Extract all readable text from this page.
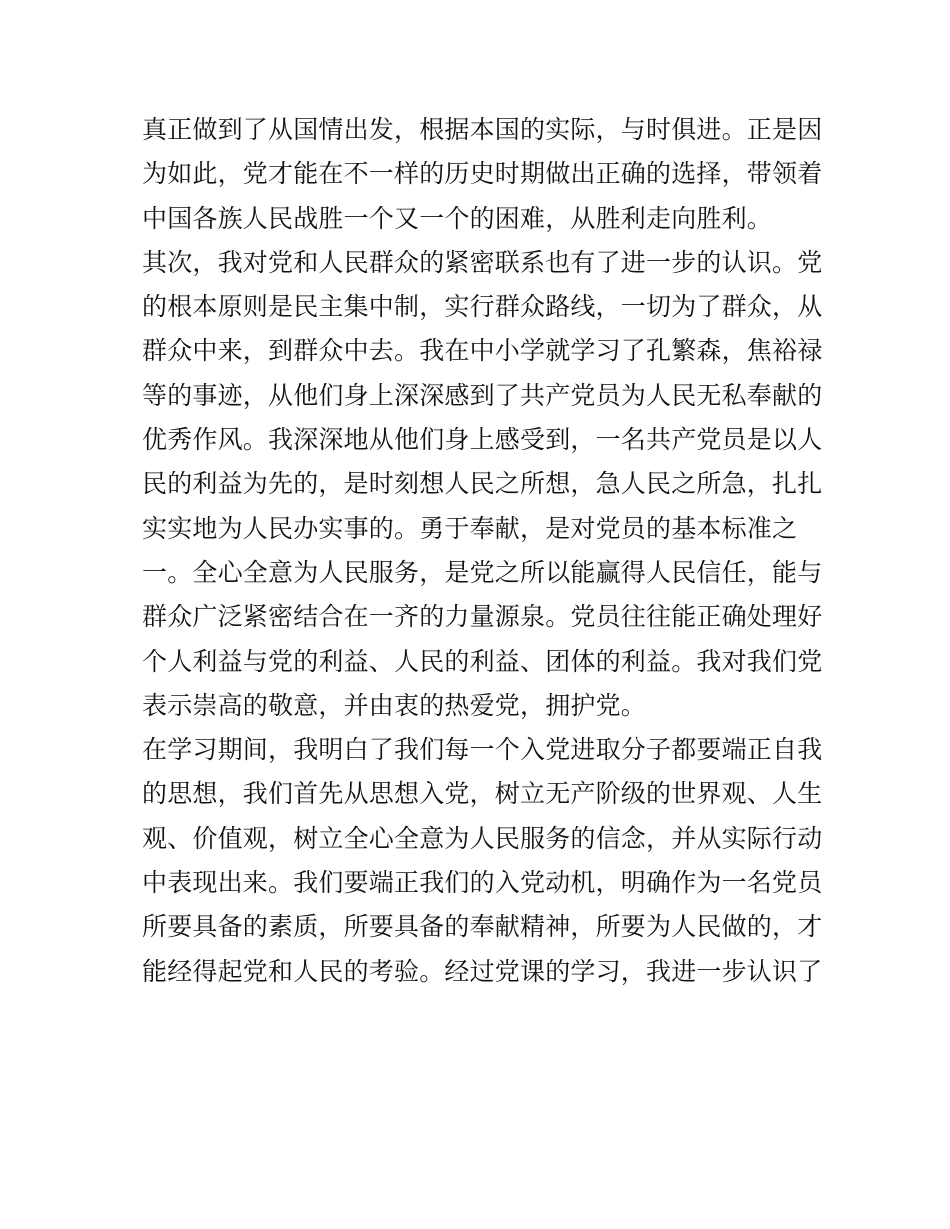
真正做到了从国情出发，根据本国的实际，与时俱进。正是因
为如此，党才能在不一样的历史时期做出正确的选择，带领着
中国各族人民战胜一个又一个的困难，从胜利走向胜利。
其次，我对党和人民群众的紧密联系也有了进一步的认识。党
的根本原则是民主集中制，实行群众路线，一切为了群众，从
群众中来，到群众中去。我在中小学就学习了孔繁森，焦裕禄
等的事迹，从他们身上深深感到了共产党员为人民无私奉献的
优秀作风。我深深地从他们身上感受到，一名共产党员是以人
民的利益为先的，是时刻想人民之所想，急人民之所急，扎扎
实实地为人民办实事的。勇于奉献，是对党员的基本标准之
一。全心全意为人民服务，是党之所以能赢得人民信任，能与
群众广泛紧密结合在一齐的力量源泉。党员往往能正确处理好
个人利益与党的利益、人民的利益、团体的利益。我对我们党
表示崇高的敬意，并由衷的热爱党，拥护党。
在学习期间，我明白了我们每一个入党进取分子都要端正自我
的思想，我们首先从思想入党，树立无产阶级的世界观、人生
观、价值观，树立全心全意为人民服务的信念，并从实际行动
中表现出来。我们要端正我们的入党动机，明确作为一名党员
所要具备的素质，所要具备的奉献精神，所要为人民做的，才
能经得起党和人民的考验。经过党课的学习，我进一步认识了
